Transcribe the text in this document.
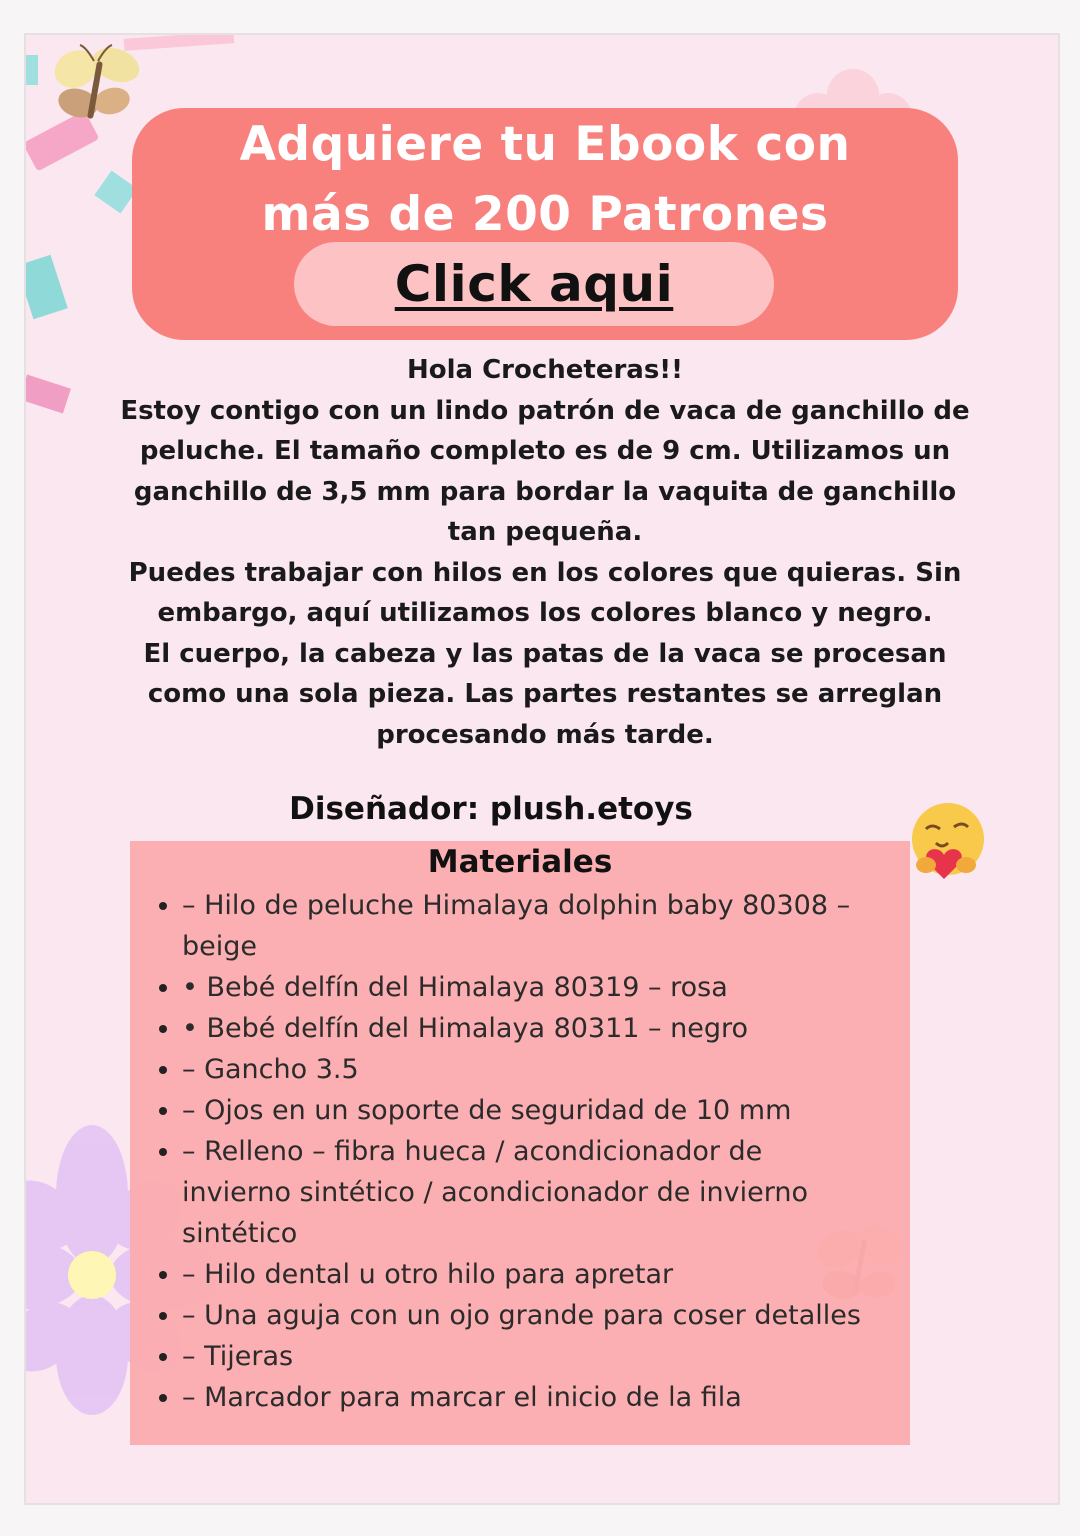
Adquiere tu Ebook con
más de 200 Patrones
Click aqui

Hola Crocheteras!!

Estoy contigo con un lindo patrón de vaca de ganchillo de peluche. El tamaño completo es de 9 cm. Utilizamos un ganchillo de 3,5 mm para bordar la vaquita de ganchillo tan pequeña.

Puedes trabajar con hilos en los colores que quieras. Sin embargo, aquí utilizamos los colores blanco y negro.

El cuerpo, la cabeza y las patas de la vaca se procesan como una sola pieza. Las partes restantes se arreglan procesando más tarde.

Diseñador: plush.etoys
Materiales
• – Hilo de peluche Himalaya dolphin baby 80308 – beige
• • Bebé delfín del Himalaya 80319 – rosa
• • Bebé delfín del Himalaya 80311 – negro
• – Gancho 3.5
• – Ojos en un soporte de seguridad de 10 mm
• – Relleno – fibra hueca / acondicionador de invierno sintético / acondicionador de invierno sintético
• – Hilo dental u otro hilo para apretar
• – Una aguja con un ojo grande para coser detalles
• – Tijeras
• – Marcador para marcar el inicio de la fila
